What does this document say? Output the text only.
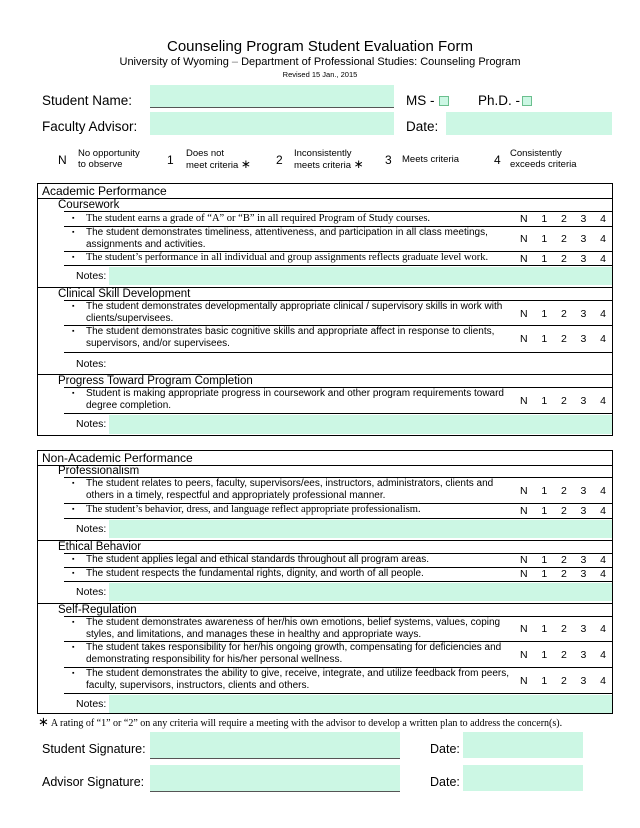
Counseling Program Student Evaluation Form
University of Wyoming – Department of Professional Studies: Counseling Program
Revised 15 Jan., 2015
Student Name:	MS -	Ph.D. -
Faculty Advisor:	Date:
N No opportunity
to observe	1 Does not
meet criteria ∗ 2 Inconsistently
meets criteria ∗ 3 Meets criteria	4 Consistently
exceeds criteria
Academic Performance
Coursework
▪ The student earns a grade of “A” or “B” in all required Program of Study courses.	N 1 2 3 4
▪ The student demonstrates timeliness, attentiveness, and participation in all class meetings, assignments and activities.	N 1 2 3 4
▪ The student’s performance in all individual and group assignments reflects graduate level work.	N 1 2 3 4
Notes:
Clinical Skill Development
▪ The student demonstrates developmentally appropriate clinical / supervisory skills in work with clients/supervisees.	N 1 2 3 4
▪ The student demonstrates basic cognitive skills and appropriate affect in response to clients, supervisors, and/or supervisees.	N 1 2 3 4
Notes:
Progress Toward Program Completion
▪ Student is making appropriate progress in coursework and other program requirements toward degree completion.	N 1 2 3 4
Notes:
Non-Academic Performance
Professionalism
▪ The student relates to peers, faculty, supervisors/ees, instructors, administrators, clients and others in a timely, respectful and appropriately professional manner.	N 1 2 3 4
▪ The student’s behavior, dress, and language reflect appropriate professionalism.	N 1 2 3 4
Notes:
Ethical Behavior
▪ The student applies legal and ethical standards throughout all program areas.	N 1 2 3 4
▪ The student respects the fundamental rights, dignity, and worth of all people.	N 1 2 3 4
Notes:
Self-Regulation
▪ The student demonstrates awareness of her/his own emotions, belief systems, values, coping styles, and limitations, and manages these in healthy and appropriate ways.	N 1 2 3 4
▪ The student takes responsibility for her/his ongoing growth, compensating for deficiencies and demonstrating responsibility for his/her personal wellness.	N 1 2 3 4
▪ The student demonstrates the ability to give, receive, integrate, and utilize feedback from peers, faculty, supervisors, instructors, clients and others.	N 1 2 3 4
Notes:
∗ A rating of “1” or “2” on any criteria will require a meeting with the advisor to develop a written plan to address the concern(s).
Student Signature:	Date:
Advisor Signature:	Date:
